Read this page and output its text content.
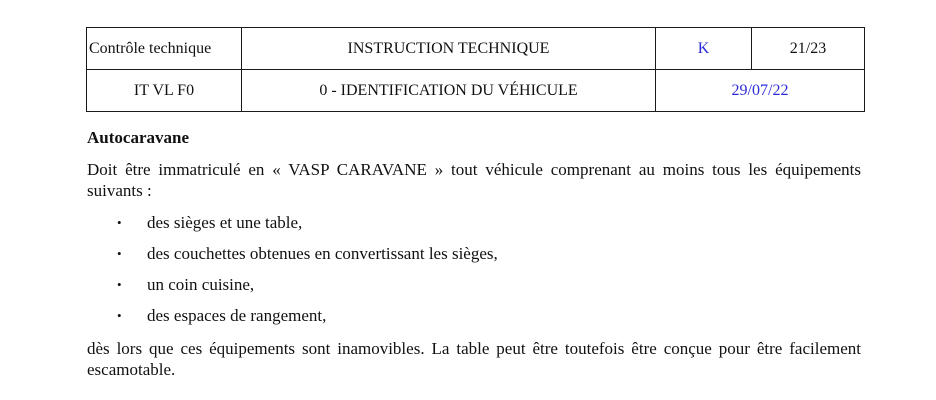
Contrôle technique	INSTRUCTION TECHNIQUE	K	21/23
IT VL F0	0 - IDENTIFICATION DU VÉHICULE	29/07/22	
Autocaravane

Doit être immatriculé en « VASP CARAVANE » tout véhicule comprenant au moins tous les équipements suivants :

• des sièges et une table,
• des couchettes obtenues en convertissant les sièges,
• un coin cuisine,
• des espaces de rangement,

dès lors que ces équipements sont inamovibles. La table peut être toutefois être conçue pour être facilement escamotable.
